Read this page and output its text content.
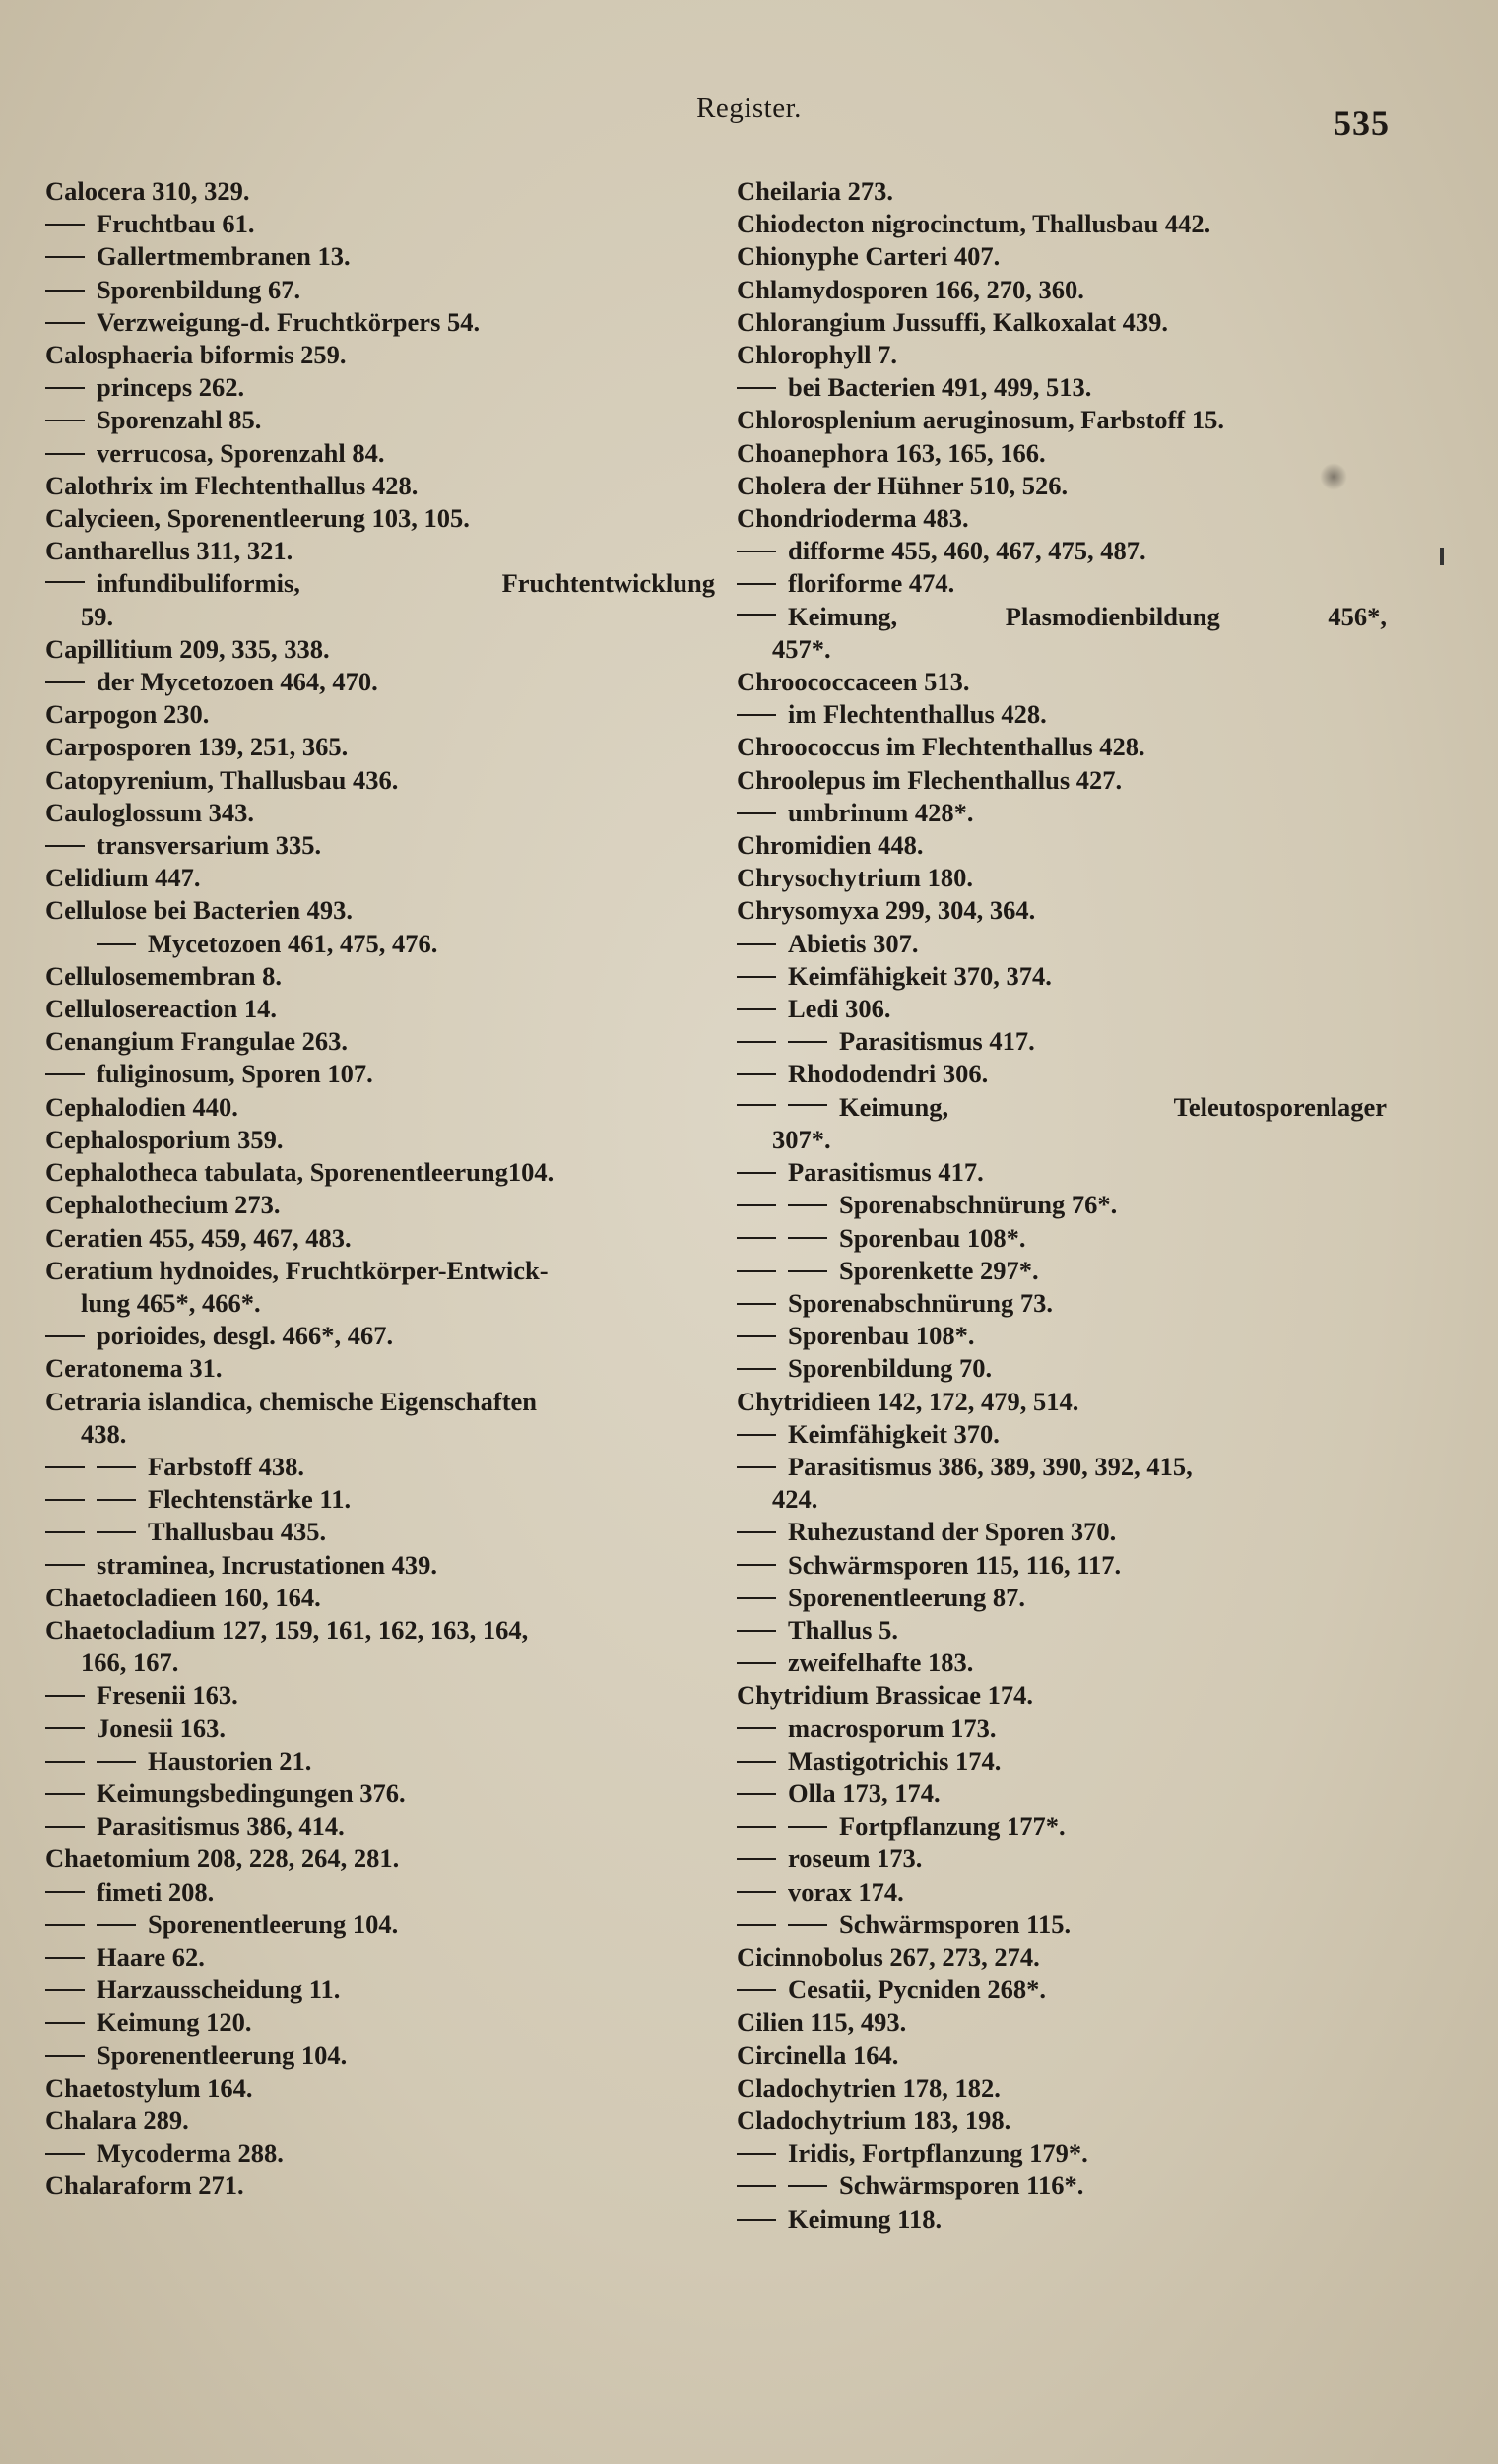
Register.	535
Calocera 310, 329.
Fruchtbau 61.
Gallertmembranen 13.
Sporenbildung 67.
Verzweigung-d. Fruchtkörpers 54.
Calosphaeria biformis 259.
princeps 262.
Sporenzahl 85.
verrucosa, Sporenzahl 84.
Calothrix im Flechtenthallus 428.
Calycieen, Sporenentleerung 103, 105.
Cantharellus 311, 321.
infundibuliformis, Fruchtentwicklung
59.
Capillitium 209, 335, 338.
der Mycetozoen 464, 470.
Carpogon 230.
Carposporen 139, 251, 365.
Catopyrenium, Thallusbau 436.
Cauloglossum 343.
transversarium 335.
Celidium 447.
Cellulose bei Bacterien 493.
Mycetozoen 461, 475, 476.
Cellulosemembran 8.
Cellulosereaction 14.
Cenangium Frangulae 263.
fuliginosum, Sporen 107.
Cephalodien 440.
Cephalosporium 359.
Cephalotheca tabulata, Sporenentleerung104.
Cephalothecium 273.
Ceratien 455, 459, 467, 483.
Ceratium hydnoides, Fruchtkörper-Entwick-
lung 465*, 466*.
porioides, desgl. 466*, 467.
Ceratonema 31.
Cetraria islandica, chemische Eigenschaften
438.
Farbstoff 438.
Flechtenstärke 11.
Thallusbau 435.
straminea, Incrustationen 439.
Chaetocladieen 160, 164.
Chaetocladium 127, 159, 161, 162, 163, 164,
166, 167.
Fresenii 163.
Jonesii 163.
Haustorien 21.
Keimungsbedingungen 376.
Parasitismus 386, 414.
Chaetomium 208, 228, 264, 281.
fimeti 208.
Sporenentleerung 104.
Haare 62.
Harzausscheidung 11.
Keimung 120.
Sporenentleerung 104.
Chaetostylum 164.
Chalara 289.
Mycoderma 288.
Chalaraform 271.
Cheilaria 273.
Chiodecton nigrocinctum, Thallusbau 442.
Chionyphe Carteri 407.
Chlamydosporen 166, 270, 360.
Chlorangium Jussuffi, Kalkoxalat 439.
Chlorophyll 7.
bei Bacterien 491, 499, 513.
Chlorosplenium aeruginosum, Farbstoff 15.
Choanephora 163, 165, 166.
Cholera der Hühner 510, 526.
Chondrioderma 483.
difforme 455, 460, 467, 475, 487.
floriforme 474.
Keimung, Plasmodienbildung 456*,
457*.
Chroococcaceen 513.
im Flechtenthallus 428.
Chroococcus im Flechtenthallus 428.
Chroolepus im Flechenthallus 427.
umbrinum 428*.
Chromidien 448.
Chrysochytrium 180.
Chrysomyxa 299, 304, 364.
Abietis 307.
Keimfähigkeit 370, 374.
Ledi 306.
Parasitismus 417.
Rhododendri 306.
Keimung, Teleutosporenlager
307*.
Parasitismus 417.
Sporenabschnürung 76*.
Sporenbau 108*.
Sporenkette 297*.
Sporenabschnürung 73.
Sporenbau 108*.
Sporenbildung 70.
Chytridieen 142, 172, 479, 514.
Keimfähigkeit 370.
Parasitismus 386, 389, 390, 392, 415,
424.
Ruhezustand der Sporen 370.
Schwärmsporen 115, 116, 117.
Sporenentleerung 87.
Thallus 5.
zweifelhafte 183.
Chytridium Brassicae 174.
macrosporum 173.
Mastigotrichis 174.
Olla 173, 174.
Fortpflanzung 177*.
roseum 173.
vorax 174.
Schwärmsporen 115.
Cicinnobolus 267, 273, 274.
Cesatii, Pycniden 268*.
Cilien 115, 493.
Circinella 164.
Cladochytrien 178, 182.
Cladochytrium 183, 198.
Iridis, Fortpflanzung 179*.
Schwärmsporen 116*.
Keimung 118.
